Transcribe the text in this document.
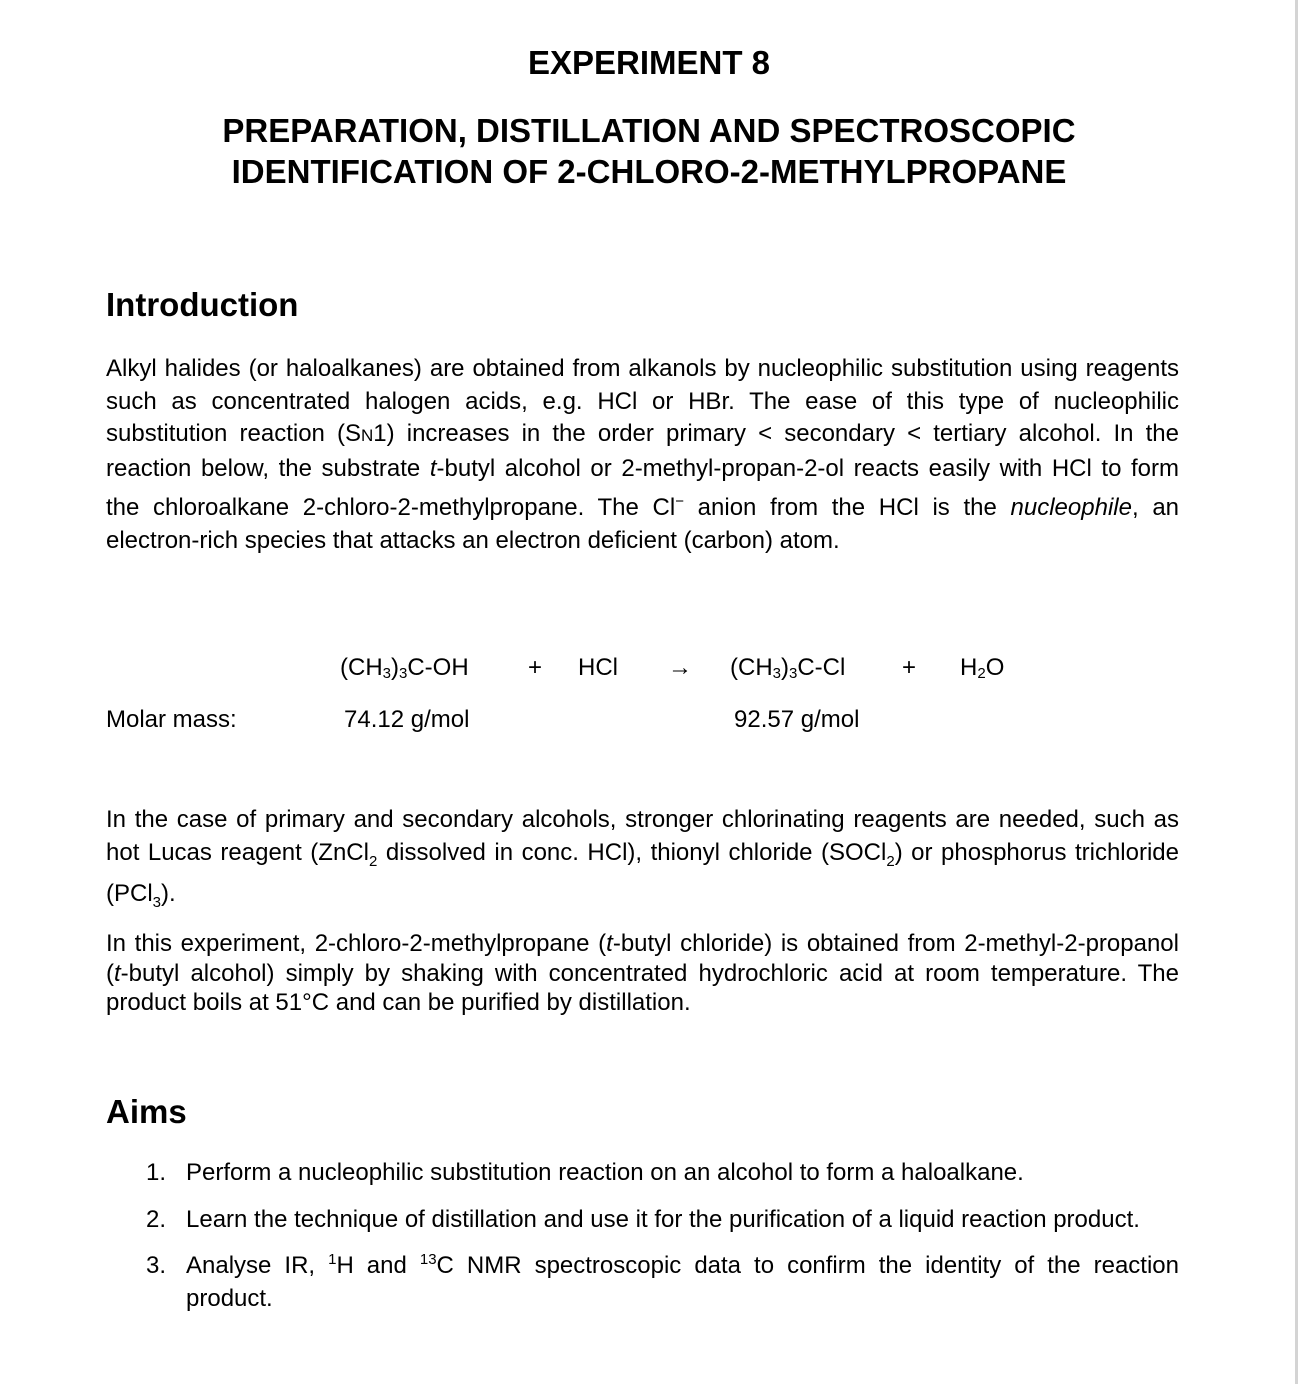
EXPERIMENT 8
PREPARATION, DISTILLATION AND SPECTROSCOPIC
IDENTIFICATION OF 2-CHLORO-2-METHYLPROPANE
Introduction
Alkyl halides (or haloalkanes) are obtained from alkanols by nucleophilic substitution using reagents such as concentrated halogen acids, e.g. HCl or HBr. The ease of this type of nucleophilic substitution reaction (SN1) increases in the order primary < secondary < tertiary alcohol. In the reaction below, the substrate t-butyl alcohol or 2-methyl-propan-2-ol reacts easily with HCl to form the chloroalkane 2-chloro-2-methylpropane. The Cl− anion from the HCl is the nucleophile, an electron-rich species that attacks an electron deficient (carbon) atom.
$(CH_3)_3C-OH$ + HCl → $(CH_3)_3C-Cl + H_2O$
Molar mass:	74.12 g/mol	92.57 g/mol
In the case of primary and secondary alcohols, stronger chlorinating reagents are needed, such as hot Lucas reagent (ZnCl$_2$ dissolved in conc. HCl), thionyl chloride (SOCl$_2$) or phosphorus trichloride (PCl$_3$).
In this experiment, 2-chloro-2-methylpropane (t-butyl chloride) is obtained from 2-methyl-2-propanol (t-butyl alcohol) simply by shaking with concentrated hydrochloric acid at room temperature. The product boils at 51°C and can be purified by distillation.
Aims
1. Perform a nucleophilic substitution reaction on an alcohol to form a haloalkane.
2. Learn the technique of distillation and use it for the purification of a liquid reaction product.
3. Analyse IR, $^1$H and $^{13}$C NMR spectroscopic data to confirm the identity of the reaction product.
